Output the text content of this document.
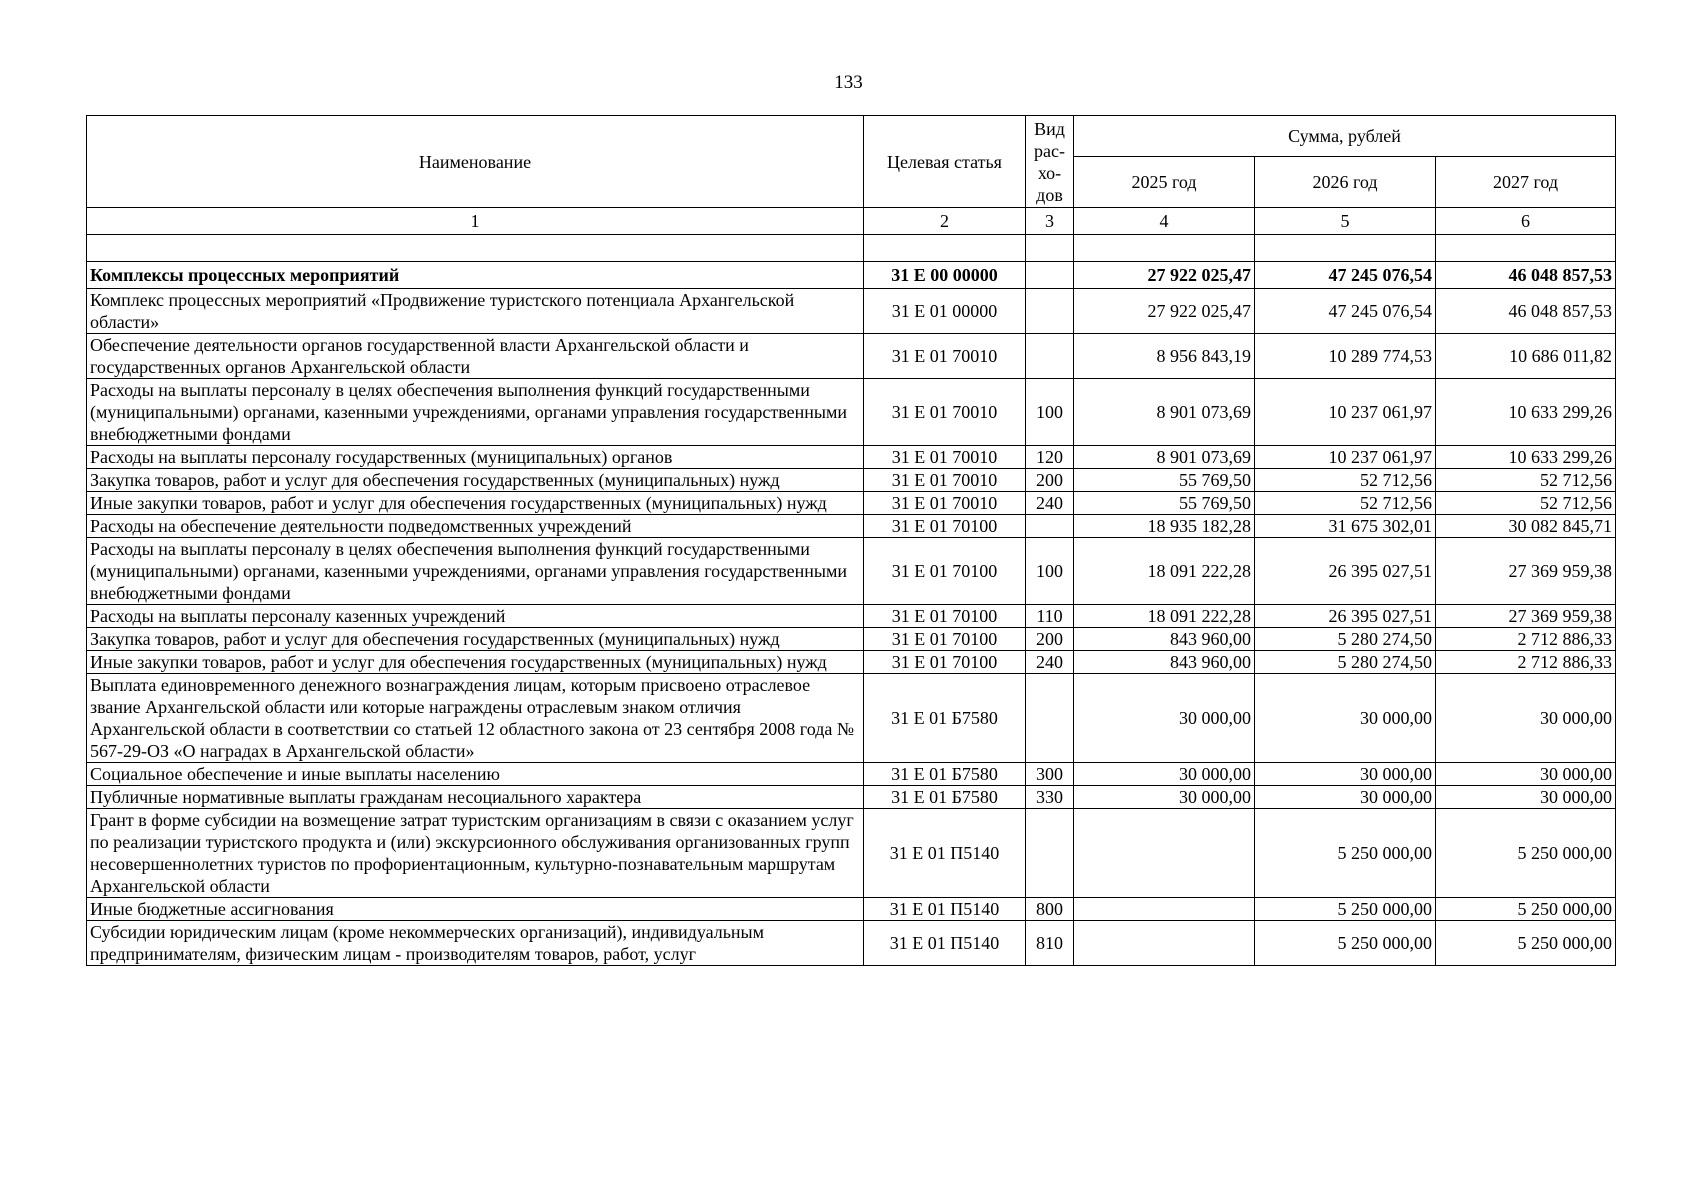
133
Наименование	Целевая статья	Вид
рас-
хо-
дов	Сумма, рублей		
			2025 год	2026 год	2027 год
1	2	3	4	5	6

Комплексы процессных мероприятий	31 Е 00 00000		27 922 025,47	47 245 076,54	46 048 857,53
Комплекс процессных мероприятий «Продвижение туристского потенциала Архангельской области»	31 Е 01 00000		27 922 025,47	47 245 076,54	46 048 857,53
Обеспечение деятельности органов государственной власти Архангельской области и государственных органов Архангельской области	31 Е 01 70010		8 956 843,19	10 289 774,53	10 686 011,82
Расходы на выплаты персоналу в целях обеспечения выполнения функций государственными (муниципальными) органами, казенными учреждениями, органами управления государственными внебюджетными фондами	31 Е 01 70010	100	8 901 073,69	10 237 061,97	10 633 299,26
Расходы на выплаты персоналу государственных (муниципальных) органов	31 Е 01 70010	120	8 901 073,69	10 237 061,97	10 633 299,26
Закупка товаров, работ и услуг для обеспечения государственных (муниципальных) нужд	31 Е 01 70010	200	55 769,50	52 712,56	52 712,56
Иные закупки товаров, работ и услуг для обеспечения государственных (муниципальных) нужд	31 Е 01 70010	240	55 769,50	52 712,56	52 712,56
Расходы на обеспечение деятельности подведомственных учреждений	31 Е 01 70100		18 935 182,28	31 675 302,01	30 082 845,71
Расходы на выплаты персоналу в целях обеспечения выполнения функций государственными (муниципальными) органами, казенными учреждениями, органами управления государственными внебюджетными фондами	31 Е 01 70100	100	18 091 222,28	26 395 027,51	27 369 959,38
Расходы на выплаты персоналу казенных учреждений	31 Е 01 70100	110	18 091 222,28	26 395 027,51	27 369 959,38
Закупка товаров, работ и услуг для обеспечения государственных (муниципальных) нужд	31 Е 01 70100	200	843 960,00	5 280 274,50	2 712 886,33
Иные закупки товаров, работ и услуг для обеспечения государственных (муниципальных) нужд	31 Е 01 70100	240	843 960,00	5 280 274,50	2 712 886,33
Выплата единовременного денежного вознаграждения лицам, которым присвоено отраслевое звание Архангельской области или которые награждены отраслевым знаком отличия Архангельской области в соответствии со статьей 12 областного закона от 23 сентября 2008 года № 567-29-ОЗ «О наградах в Архангельской области»	31 Е 01 Б7580		30 000,00	30 000,00	30 000,00
Социальное обеспечение и иные выплаты населению	31 Е 01 Б7580	300	30 000,00	30 000,00	30 000,00
Публичные нормативные выплаты гражданам несоциального характера	31 Е 01 Б7580	330	30 000,00	30 000,00	30 000,00
Грант в форме субсидии на возмещение затрат туристским организациям в связи с оказанием услуг по реализации туристского продукта и (или) экскурсионного обслуживания организованных групп несовершеннолетних туристов по профориентационным, культурно-познавательным маршрутам Архангельской области	31 Е 01 П5140			5 250 000,00	5 250 000,00
Иные бюджетные ассигнования	31 Е 01 П5140	800		5 250 000,00	5 250 000,00
Субсидии юридическим лицам (кроме некоммерческих организаций), индивидуальным предпринимателям, физическим лицам - производителям товаров, работ, услуг	31 Е 01 П5140	810		5 250 000,00	5 250 000,00
